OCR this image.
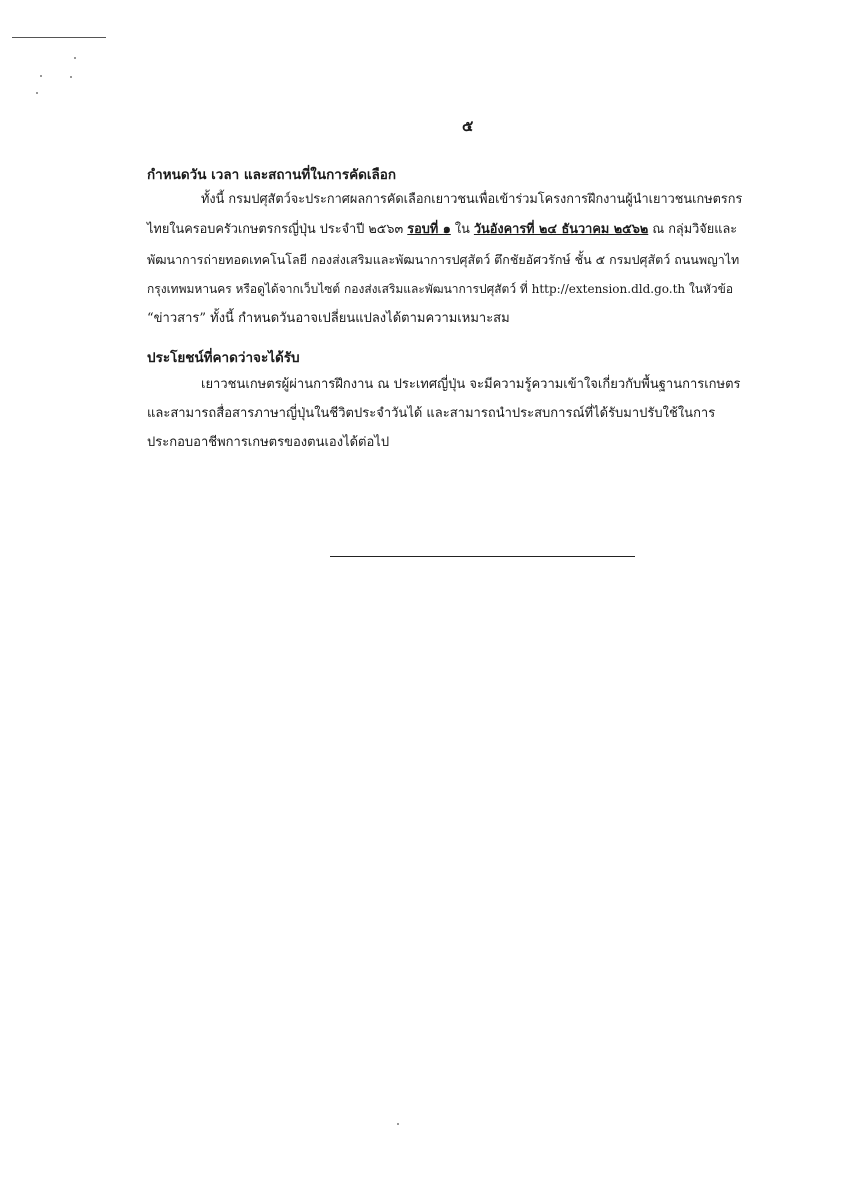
๕
กำหนดวัน เวลา และสถานที่ในการคัดเลือก
ทั้งนี้ กรมปศุสัตว์จะประกาศผลการคัดเลือกเยาวชนเพื่อเข้าร่วมโครงการฝึกงานผู้นำเยาวชนเกษตรกร
ไทยในครอบครัวเกษตรกรญี่ปุ่น ประจำปี ๒๕๖๓ รอบที่ ๑ ใน วันอังคารที่ ๒๔ ธันวาคม ๒๕๖๒ ณ กลุ่มวิจัยและ
พัฒนาการถ่ายทอดเทคโนโลยี กองส่งเสริมและพัฒนาการปศุสัตว์ ตึกชัยอัศวรักษ์ ชั้น ๕ กรมปศุสัตว์ ถนนพญาไท
กรุงเทพมหานคร หรือดูได้จากเว็บไซต์ กองส่งเสริมและพัฒนาการปศุสัตว์ ที่ http://extension.dld.go.th ในหัวข้อ
“ข่าวสาร” ทั้งนี้ กำหนดวันอาจเปลี่ยนแปลงได้ตามความเหมาะสม
ประโยชน์ที่คาดว่าจะได้รับ
เยาวชนเกษตรผู้ผ่านการฝึกงาน ณ ประเทศญี่ปุ่น จะมีความรู้ความเข้าใจเกี่ยวกับพื้นฐานการเกษตร
และสามารถสื่อสารภาษาญี่ปุ่นในชีวิตประจำวันได้ และสามารถนำประสบการณ์ที่ได้รับมาปรับใช้ในการ
ประกอบอาชีพการเกษตรของตนเองได้ต่อไป
